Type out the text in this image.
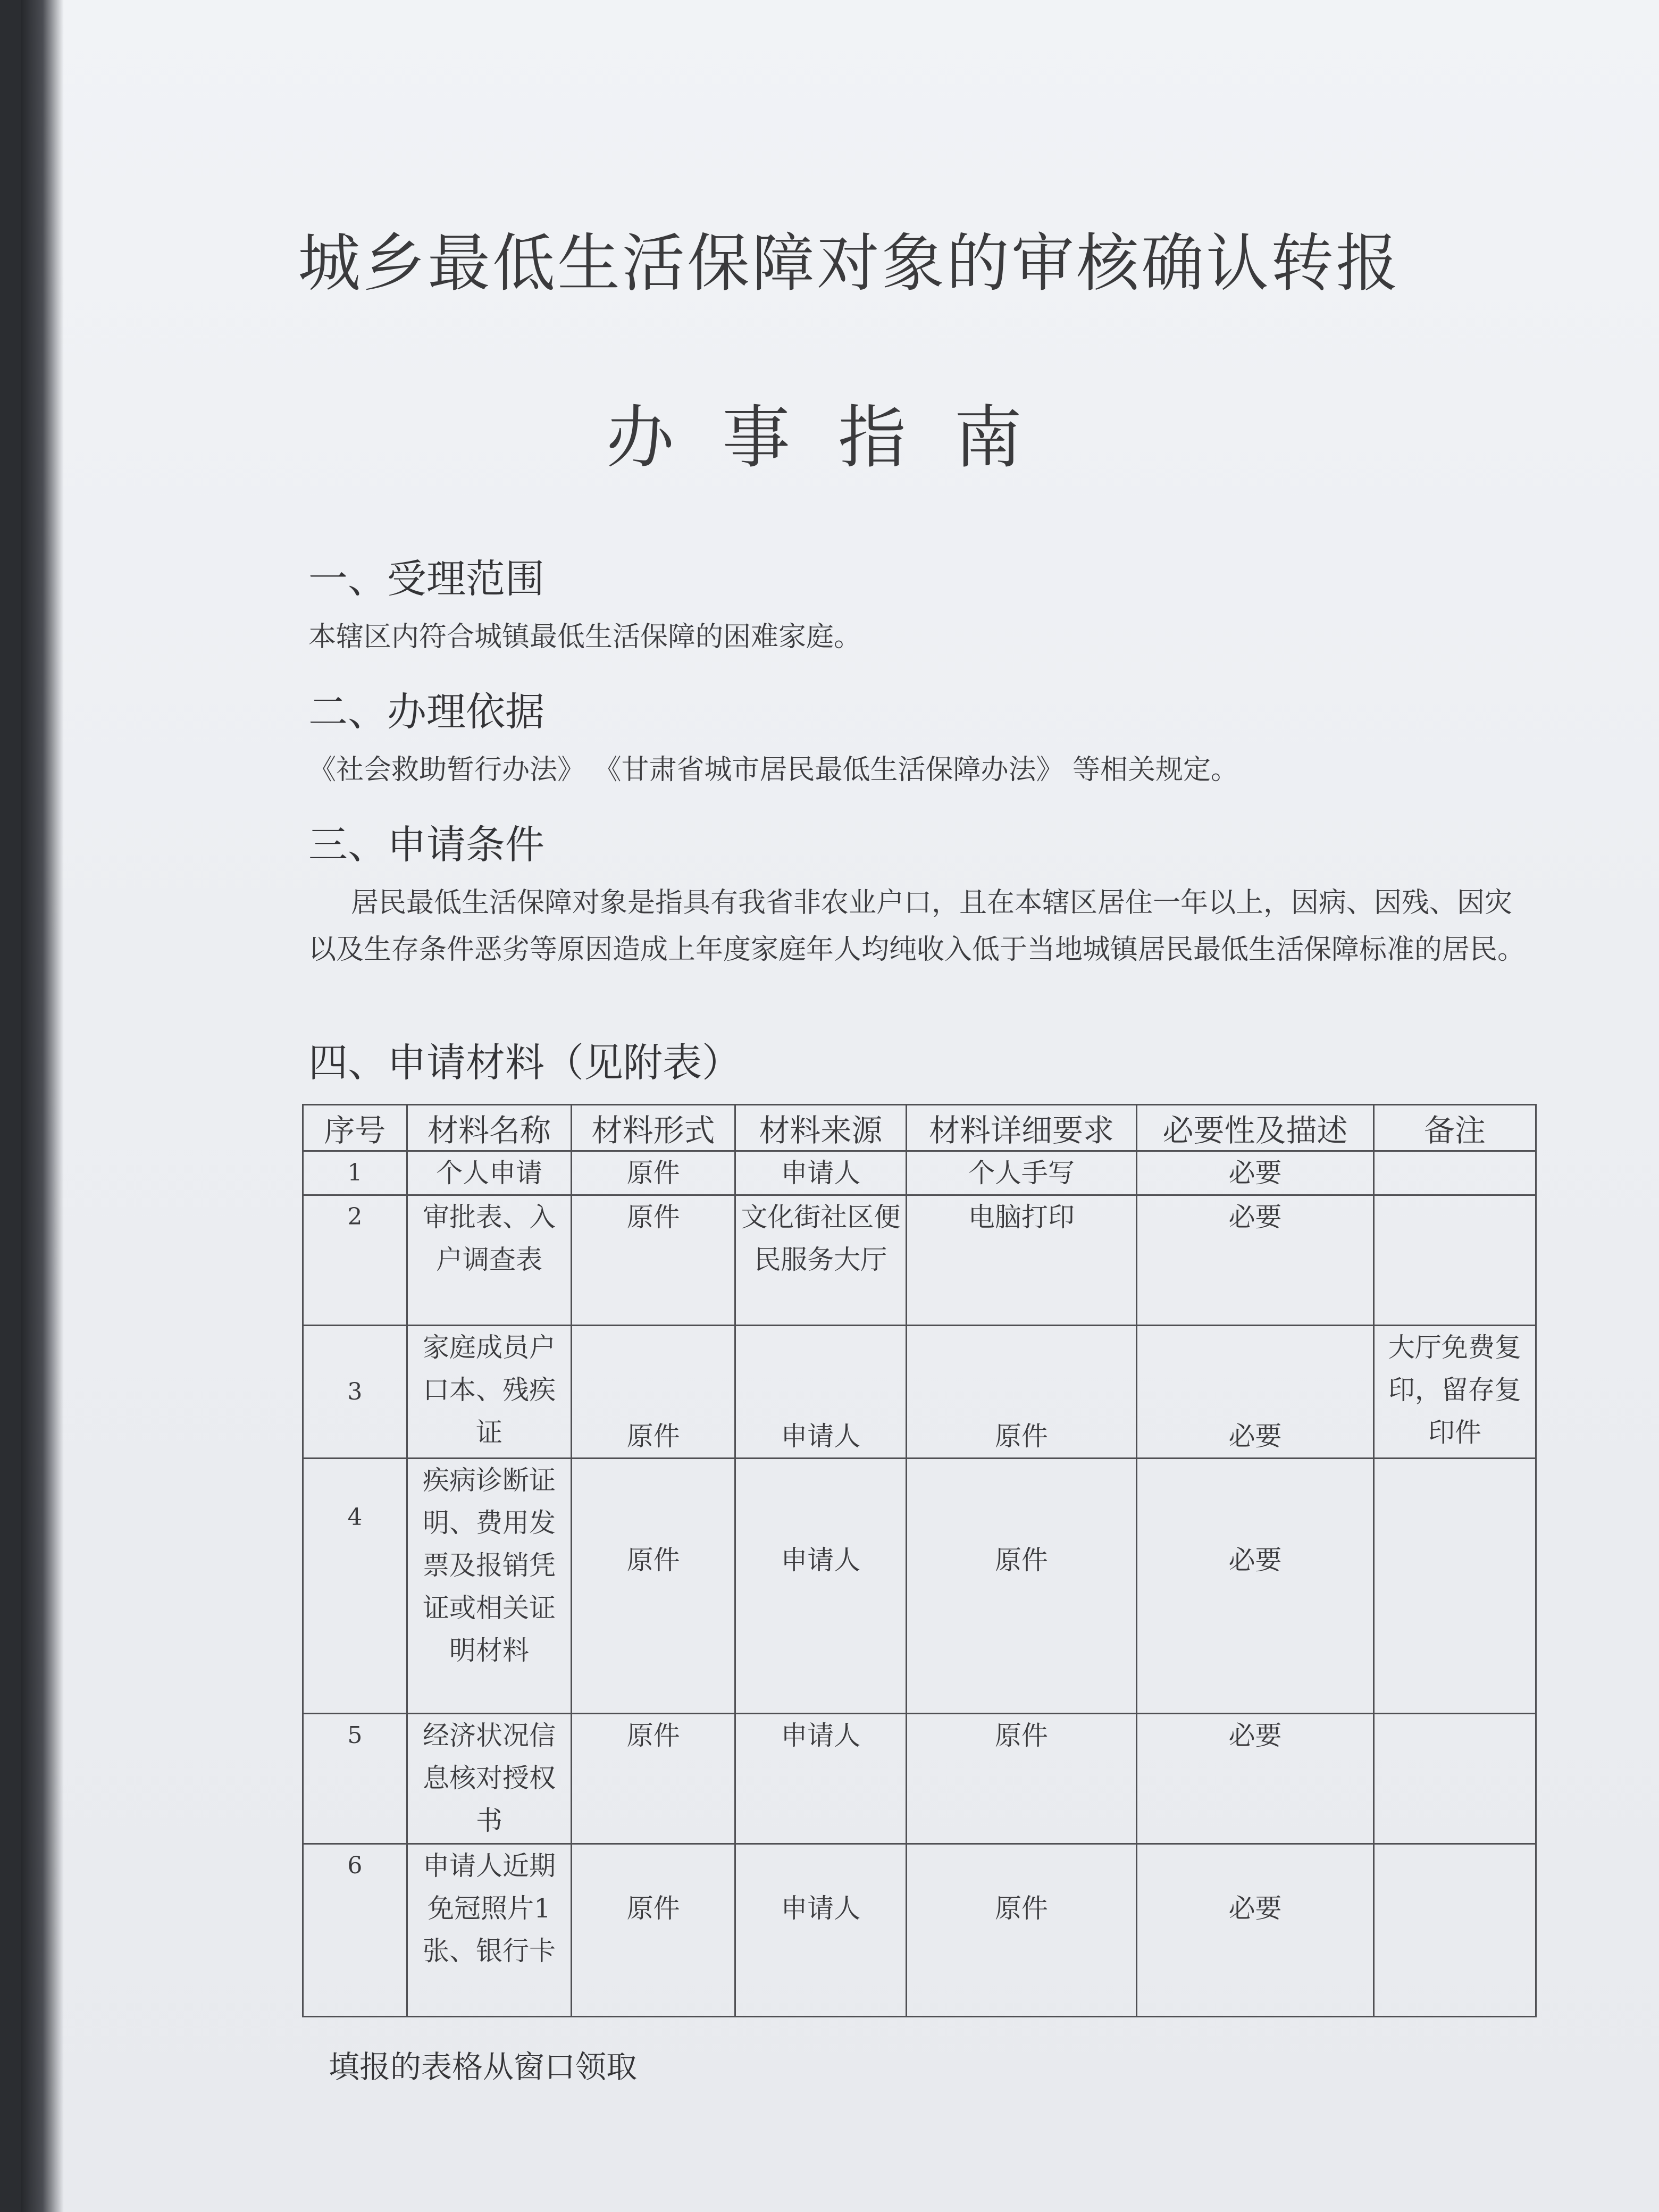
城乡最低生活保障对象的审核确认转报
办事指南
一、受理范围
本辖区内符合城镇最低生活保障的困难家庭。
二、办理依据
《社会救助暂行办法》 《甘肃省城市居民最低生活保障办法》 等相关规定。
三、申请条件
居民最低生活保障对象是指具有我省非农业户口，且在本辖区居住一年以上，因病、因残、因灾以及生存条件恶劣等原因造成上年度家庭年人均纯收入低于当地城镇居民最低生活保障标准的居民。
四、申请材料（见附表）
序号	材料名称	材料形式	材料来源	材料详细要求	必要性及描述	备注
1	个人申请	原件	申请人	个人手写	必要	
2	审批表、入户调查表	原件	文化街社区便民服务大厅	电脑打印	必要	
3	家庭成员户口本、残疾证	原件	申请人	原件	必要	大厅免费复印，留存复印件
4	疾病诊断证明、费用发票及报销凭证或相关证明材料	原件	申请人	原件	必要	
5	经济状况信息核对授权书	原件	申请人	原件	必要	
6	申请人近期免冠照片1张、银行卡	原件	申请人	原件	必要	
填报的表格从窗口领取
